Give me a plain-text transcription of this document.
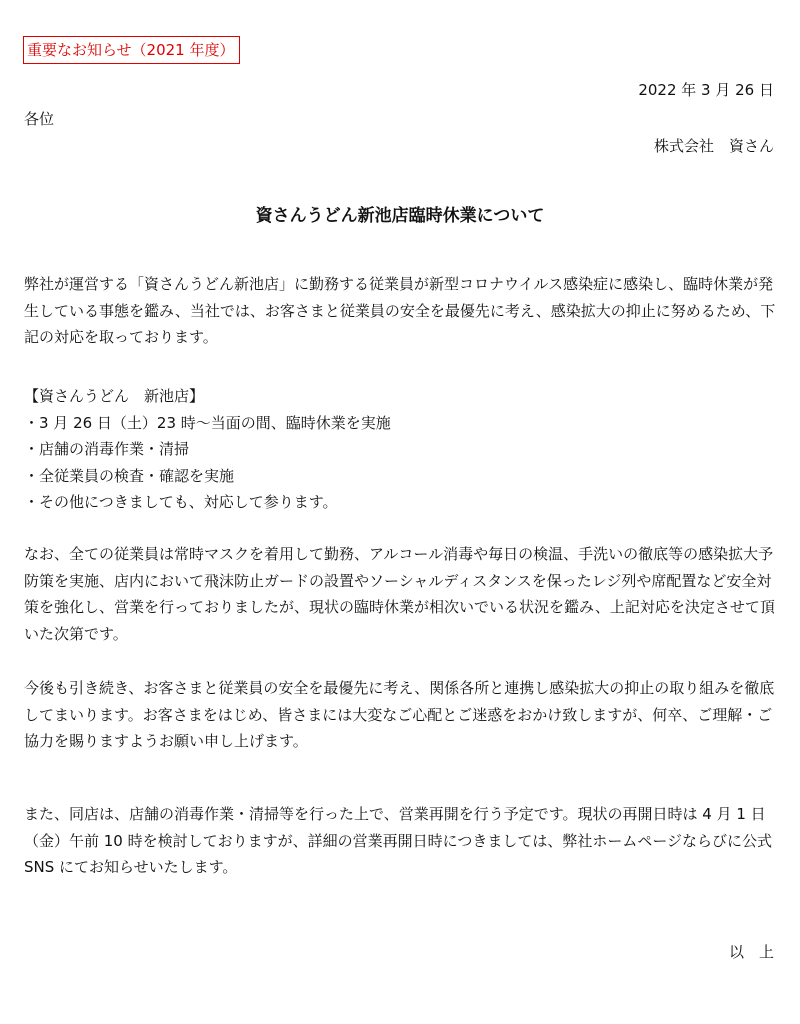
重要なお知らせ（2021 年度）
2022 年 3 月 26 日
各位
株式会社　資さん
資さんうどん新池店臨時休業について

弊社が運営する「資さんうどん新池店」に勤務する従業員が新型コロナウイルス感染症に感染し、臨時休業が発生している事態を鑑み、当社では、お客さまと従業員の安全を最優先に考え、感染拡大の抑止に努めるため、下記の対応を取っております。

【資さんうどん　新池店】
・3 月 26 日（土）23 時～当面の間、臨時休業を実施
・店舗の消毒作業・清掃
・全従業員の検査・確認を実施
・その他につきましても、対応して参ります。

なお、全ての従業員は常時マスクを着用して勤務、アルコール消毒や毎日の検温、手洗いの徹底等の感染拡大予防策を実施、店内において飛沫防止ガードの設置やソーシャルディスタンスを保ったレジ列や席配置など安全対策を強化し、営業を行っておりましたが、現状の臨時休業が相次いでいる状況を鑑み、上記対応を決定させて頂いた次第です。

今後も引き続き、お客さまと従業員の安全を最優先に考え、関係各所と連携し感染拡大の抑止の取り組みを徹底してまいります。お客さまをはじめ、皆さまには大変なご心配とご迷惑をおかけ致しますが、何卒、ご理解・ご協力を賜りますようお願い申し上げます。

また、同店は、店舗の消毒作業・清掃等を行った上で、営業再開を行う予定です。現状の再開日時は 4 月 1 日（金）午前 10 時を検討しておりますが、詳細の営業再開日時につきましては、弊社ホームページならびに公式 SNS にてお知らせいたします。

以　上
